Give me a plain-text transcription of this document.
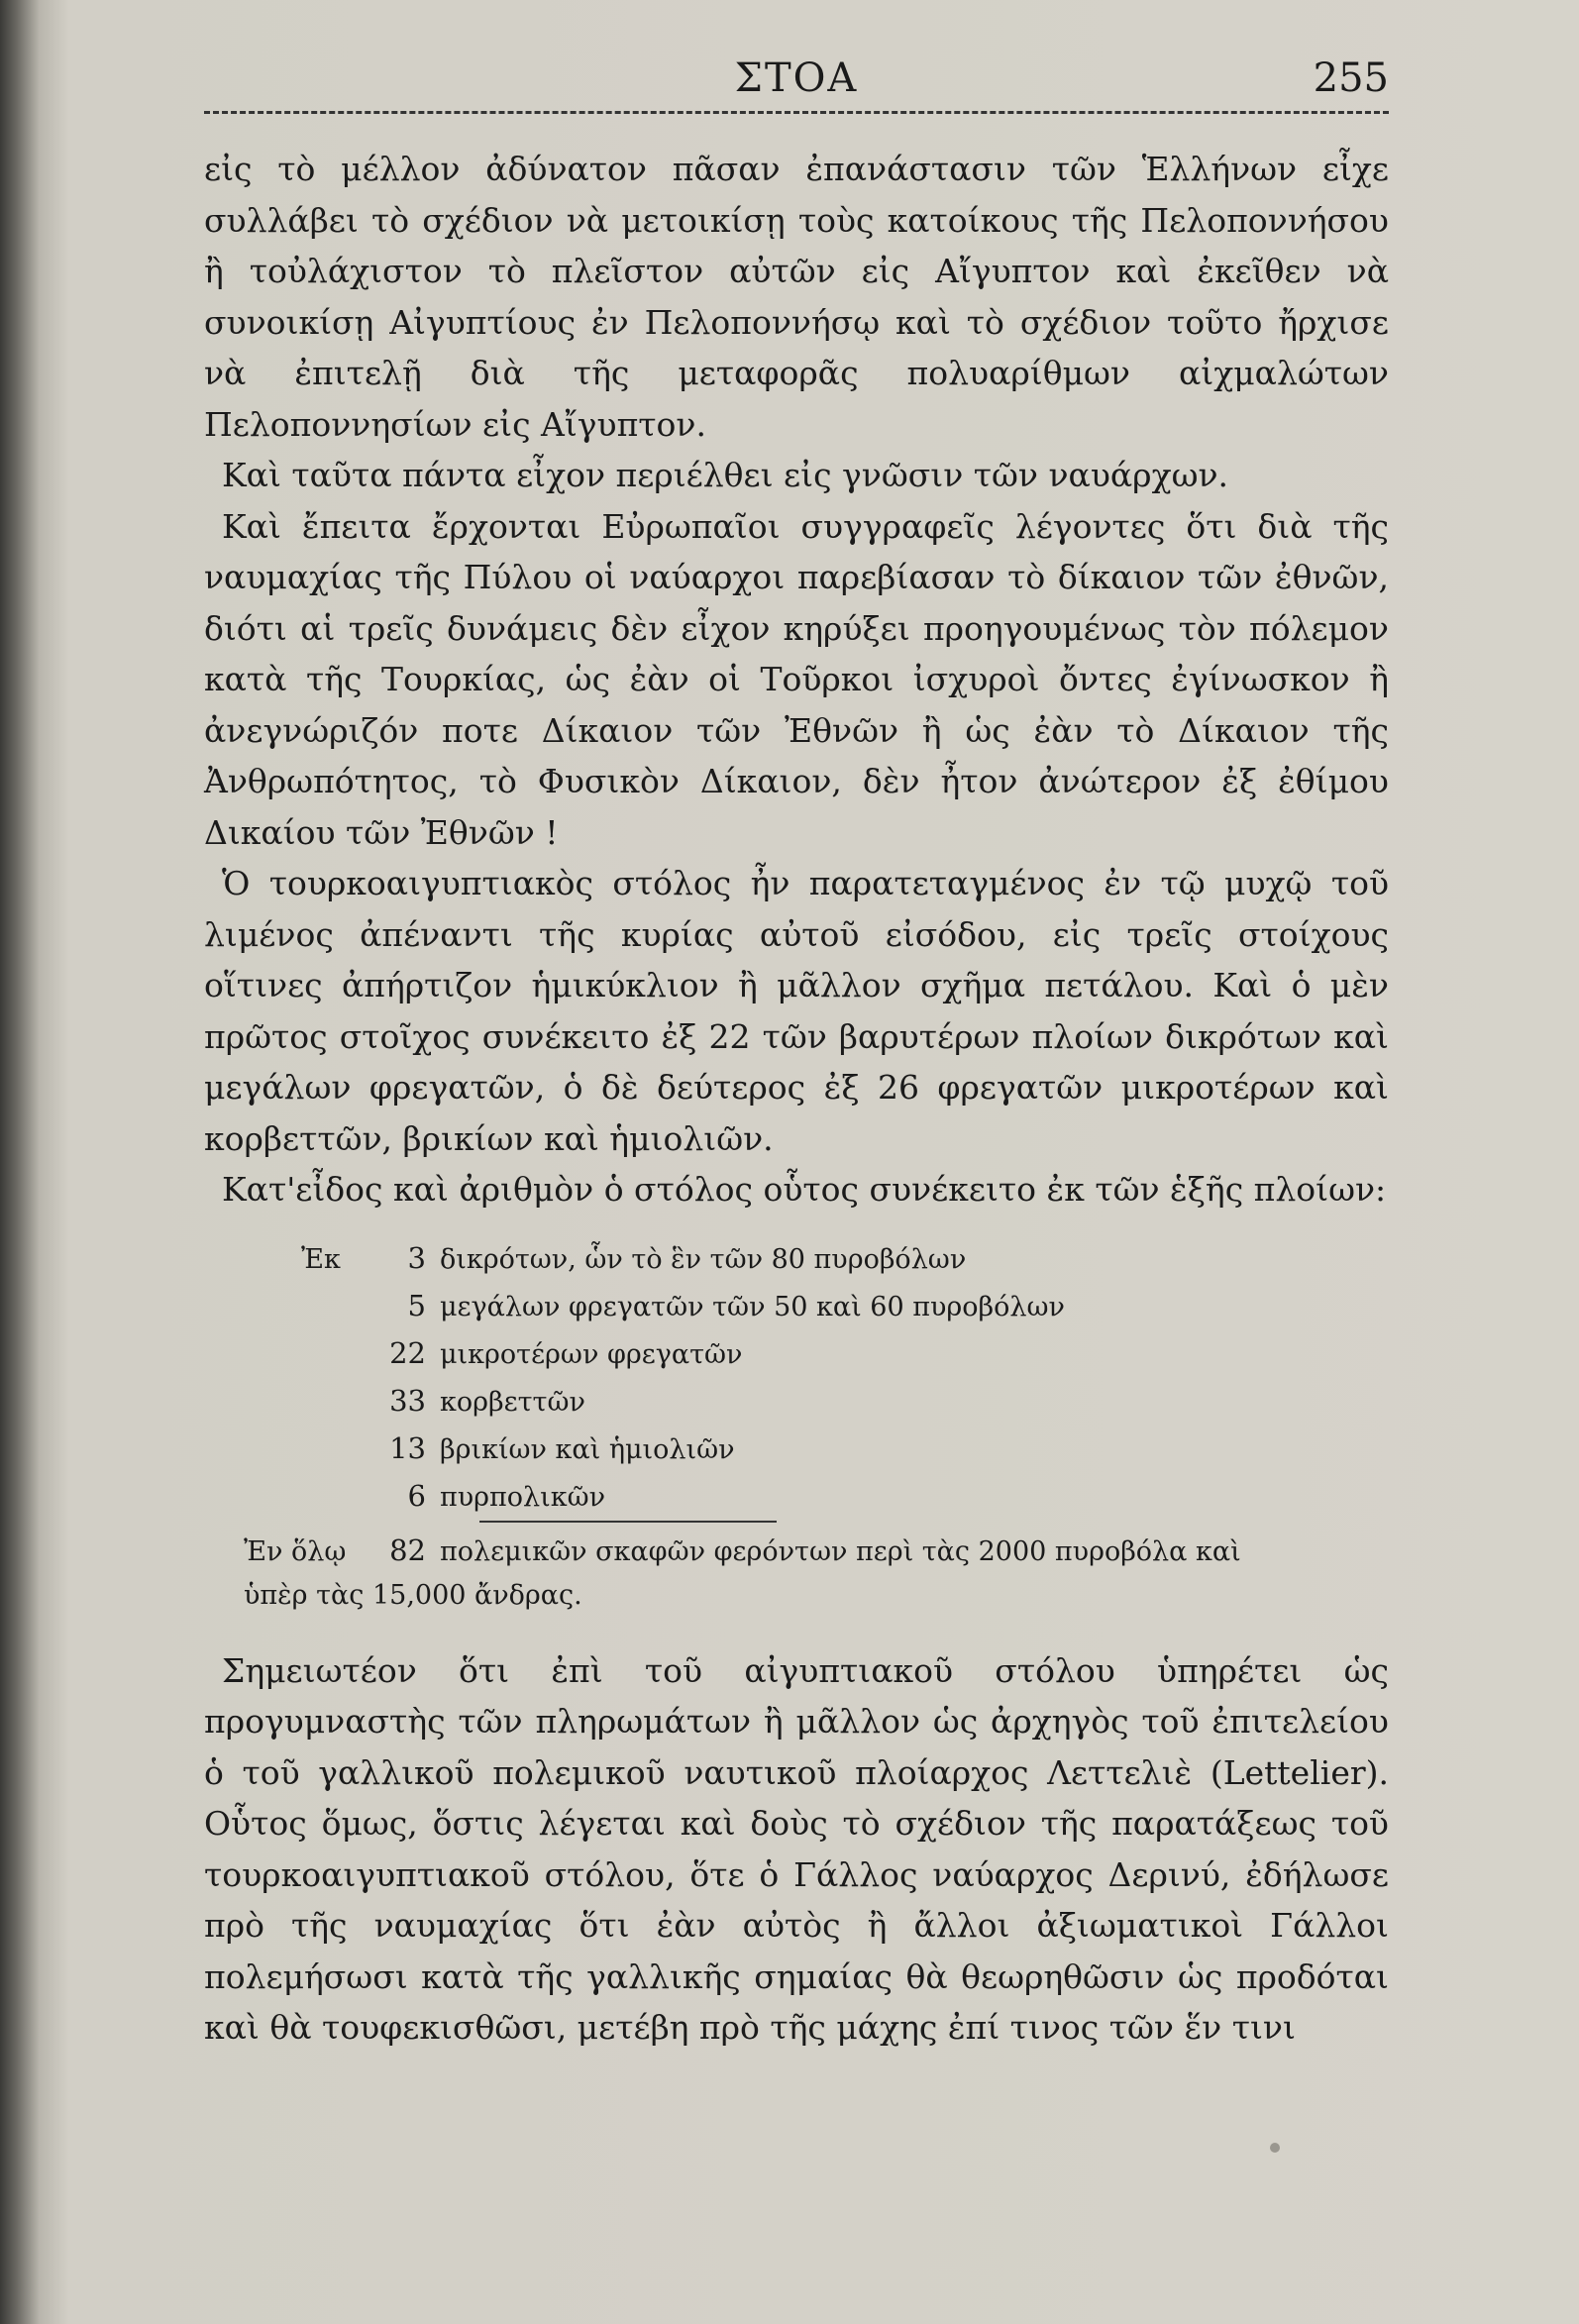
ΣΤΟΑ	255

εἰς τὸ μέλλον ἀδύνατον πᾶσαν ἐπανάστασιν τῶν Ἑλλήνων εἶχε συλλάβει τὸ σχέδιον νὰ μετοικίσῃ τοὺς κατοίκους τῆς Πελοποννήσου ἢ τοὐλάχιστον τὸ πλεῖστον αὐτῶν εἰς Αἴγυπτον καὶ ἐκεῖθεν νὰ συνοικίσῃ Αἰγυπτίους ἐν Πελοποννήσῳ καὶ τὸ σχέδιον τοῦτο ἤρχισε νὰ ἐπιτελῇ διὰ τῆς μεταφορᾶς πολυαρίθμων αἰχμαλώτων Πελοποννησίων εἰς Αἴγυπτον.

Καὶ ταῦτα πάντα εἶχον περιέλθει εἰς γνῶσιν τῶν ναυάρχων.

Καὶ ἔπειτα ἔρχονται Εὐρωπαῖοι συγγραφεῖς λέγοντες ὅτι διὰ τῆς ναυμαχίας τῆς Πύλου οἱ ναύαρχοι παρεβίασαν τὸ δίκαιον τῶν ἐθνῶν, διότι αἱ τρεῖς δυνάμεις δὲν εἶχον κηρύξει προηγουμένως τὸν πόλεμον κατὰ τῆς Τουρκίας, ὡς ἐὰν οἱ Τοῦρκοι ἰσχυροὶ ὄντες ἐγίνωσκον ἢ ἀνεγνώριζόν ποτε Δίκαιον τῶν Ἐθνῶν ἢ ὡς ἐὰν τὸ Δίκαιον τῆς Ἀνθρωπότητος, τὸ Φυσικὸν Δίκαιον, δὲν ἦτον ἀνώτερον ἐξ ἐθίμου Δικαίου τῶν Ἐθνῶν !

Ὁ τουρκοαιγυπτιακὸς στόλος ἦν παρατεταγμένος ἐν τῷ μυχῷ τοῦ λιμένος ἀπέναντι τῆς κυρίας αὐτοῦ εἰσόδου, εἰς τρεῖς στοίχους οἵτινες ἀπήρτιζον ἡμικύκλιον ἢ μᾶλλον σχῆμα πετάλου. Καὶ ὁ μὲν πρῶτος στοῖχος συνέκειτο ἐξ 22 τῶν βαρυτέρων πλοίων δικρότων καὶ μεγάλων φρεγατῶν, ὁ δὲ δεύτερος ἐξ 26 φρεγατῶν μικροτέρων καὶ κορβεττῶν, βρικίων καὶ ἡμιολιῶν.

Κατ'εἶδος καὶ ἀριθμὸν ὁ στόλος οὗτος συνέκειτο ἐκ τῶν ἑξῆς πλοίων:

Ἐκ	3 δικρότων, ὧν τὸ ἓν τῶν 80 πυροβόλων
5 μεγάλων φρεγατῶν τῶν 50 καὶ 60 πυροβόλων
22 μικροτέρων φρεγατῶν
33 κορβεττῶν
13 βρικίων καὶ ἡμιολιῶν
6 πυρπολικῶν
Ἐν ὅλῳ	82 πολεμικῶν σκαφῶν φερόντων περὶ τὰς 2000 πυροβόλα καὶ
ὑπὲρ τὰς 15,000 ἄνδρας.

Σημειωτέον ὅτι ἐπὶ τοῦ αἰγυπτιακοῦ στόλου ὑπηρέτει ὡς προγυμναστὴς τῶν πληρωμάτων ἢ μᾶλλον ὡς ἀρχηγὸς τοῦ ἐπιτελείου ὁ τοῦ γαλλικοῦ πολεμικοῦ ναυτικοῦ πλοίαρχος Λεττελιὲ (Lettelier). Οὗτος ὅμως, ὅστις λέγεται καὶ δοὺς τὸ σχέδιον τῆς παρατάξεως τοῦ τουρκοαιγυπτιακοῦ στόλου, ὅτε ὁ Γάλλος ναύαρχος Δερινύ, ἐδήλωσε πρὸ τῆς ναυμαχίας ὅτι ἐὰν αὐτὸς ἢ ἄλλοι ἀξιωματικοὶ Γάλλοι πολεμήσωσι κατὰ τῆς γαλλικῆς σημαίας θὰ θεωρηθῶσιν ὡς προδόται καὶ θὰ τουφεκισθῶσι, μετέβη πρὸ τῆς μάχης ἐπί τινος τῶν ἕν τινι
